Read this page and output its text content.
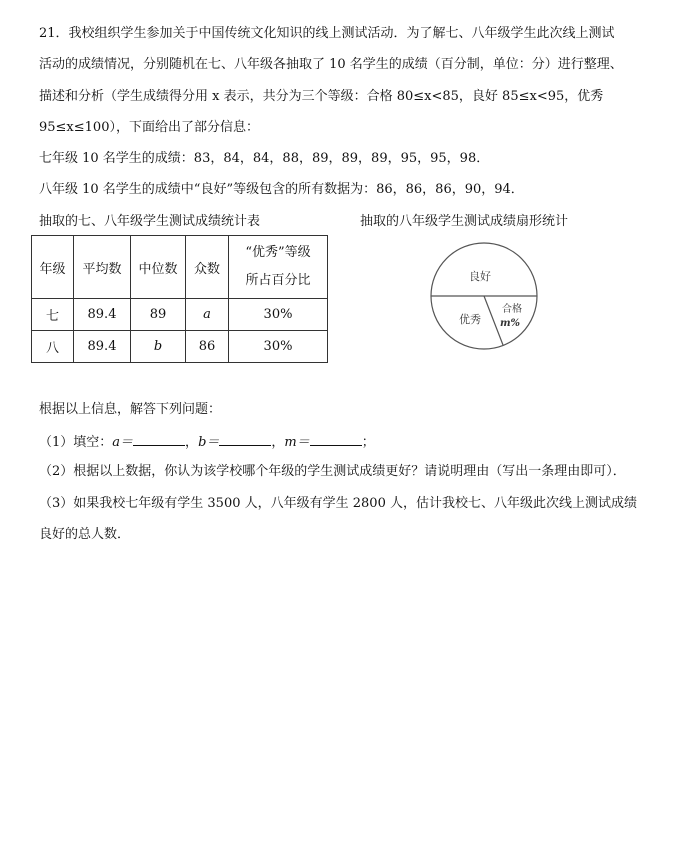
21．我校组织学生参加关于中国传统文化知识的线上测试活动．为了解七、八年级学生此次线上测试
活动的成绩情况，分别随机在七、八年级各抽取了 10 名学生的成绩（百分制，单位：分）进行整理、
描述和分析（学生成绩得分用 x 表示，共分为三个等级：合格 80≤x<85，良好 85≤x<95，优秀
95≤x≤100），下面给出了部分信息：
七年级 10 名学生的成绩：83，84，84，88，89，89，89，95，95，98．
八年级 10 名学生的成绩中“良好”等级包含的所有数据为：86，86，86，90，94．
抽取的七、八年级学生测试成绩统计表	抽取的八年级学生测试成绩扇形统计
年级	平均数	中位数	众数	“优秀”等级
所占百分比

七	89.4	89	a	30%
八	89.4	b	86	30%
良好
优秀
合格
m%
根据以上信息，解答下列问题：
（1）填空：a＝	，b＝	，m＝	；
（2）根据以上数据，你认为该学校哪个年级的学生测试成绩更好？请说明理由（写出一条理由即可）．
（3）如果我校七年级有学生 3500 人，八年级有学生 2800 人，估计我校七、八年级此次线上测试成绩
良好的总人数．
